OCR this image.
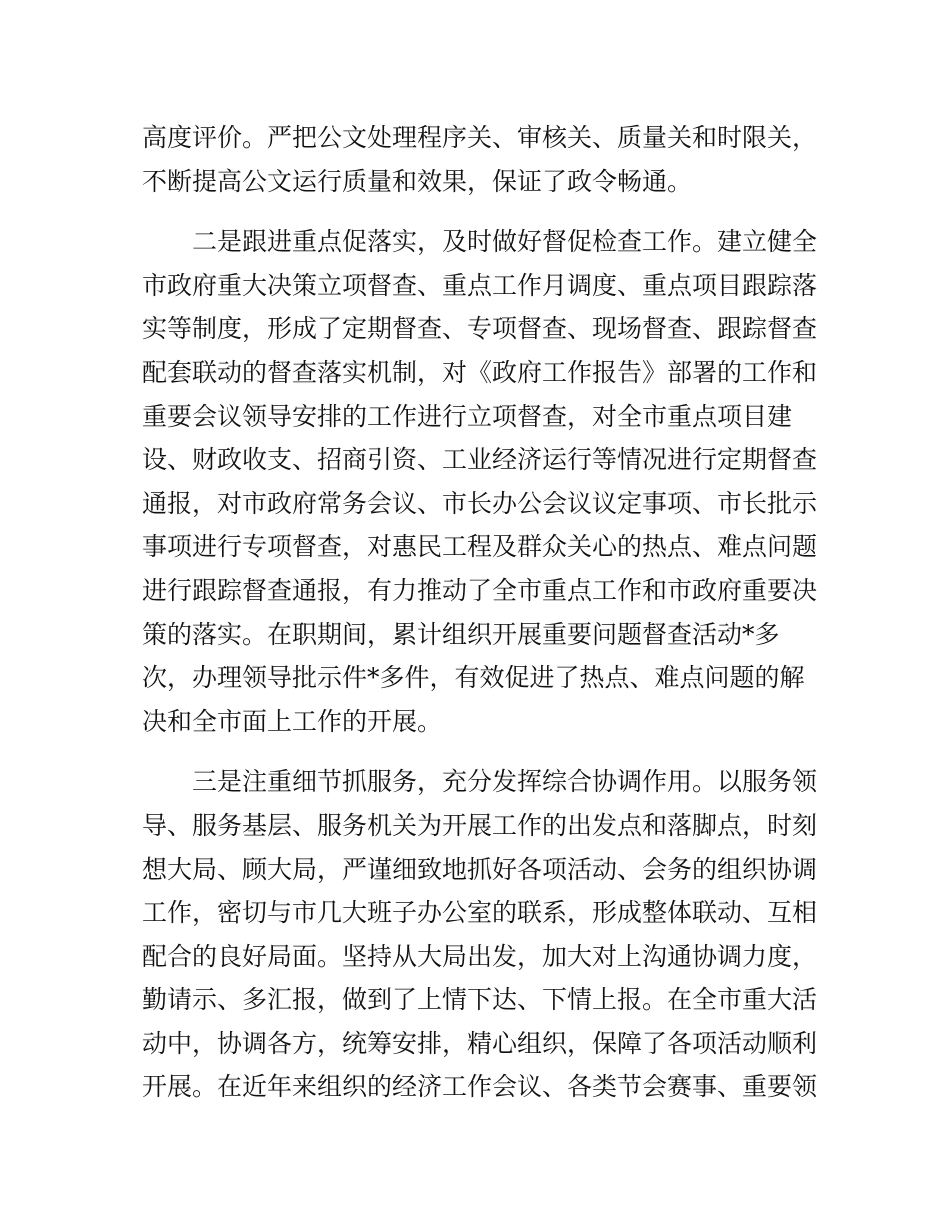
高度评价。严把公文处理程序关、审核关、质量关和时限关，
不断提高公文运行质量和效果，保证了政令畅通。
二是跟进重点促落实，及时做好督促检查工作。建立健全
市政府重大决策立项督查、重点工作月调度、重点项目跟踪落
实等制度，形成了定期督查、专项督查、现场督查、跟踪督查
配套联动的督查落实机制，对《政府工作报告》部署的工作和
重要会议领导安排的工作进行立项督查，对全市重点项目建
设、财政收支、招商引资、工业经济运行等情况进行定期督查
通报，对市政府常务会议、市长办公会议议定事项、市长批示
事项进行专项督查，对惠民工程及群众关心的热点、难点问题
进行跟踪督查通报，有力推动了全市重点工作和市政府重要决
策的落实。在职期间，累计组织开展重要问题督查活动*多
次，办理领导批示件*多件，有效促进了热点、难点问题的解
决和全市面上工作的开展。
三是注重细节抓服务，充分发挥综合协调作用。以服务领
导、服务基层、服务机关为开展工作的出发点和落脚点，时刻
想大局、顾大局，严谨细致地抓好各项活动、会务的组织协调
工作，密切与市几大班子办公室的联系，形成整体联动、互相
配合的良好局面。坚持从大局出发，加大对上沟通协调力度，
勤请示、多汇报，做到了上情下达、下情上报。在全市重大活
动中，协调各方，统筹安排，精心组织，保障了各项活动顺利
开展。在近年来组织的经济工作会议、各类节会赛事、重要领
